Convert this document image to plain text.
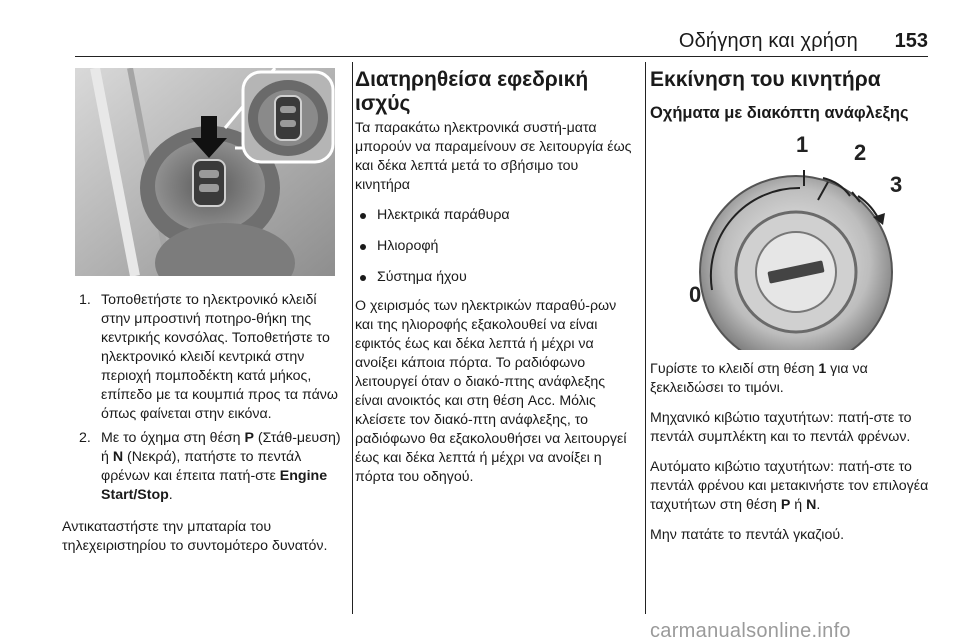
Οδήγηση και χρήση 153
1. Τοποθετήστε το ηλεκτρονικό κλειδί στην μπροστινή ποτηρο-θήκη της κεντρικής κονσόλας. Τοποθετήστε το ηλεκτρονικό κλειδί κεντρικά στην περιοχή ποµποδέκτη κατά μήκος, επίπεδο με τα κουμπιά προς τα πάνω όπως φαίνεται στην εικόνα.
2. Με το όχημα στη θέση P (Στάθ-μευση) ή N (Νεκρά), πατήστε το πεντάλ φρένων και έπειτα πατή-στε Engine Start/Stop.

Αντικαταστήστε την μπαταρία του τηλεχειριστηρίου το συντομότερο δυνατόν.

Διατηρηθείσα εφεδρική ισχύς

Τα παρακάτω ηλεκτρονικά συστή-ματα μπορούν να παραμείνουν σε λειτουργία έως και δέκα λεπτά μετά το σβήσιμο του κινητήρα

Ηλεκτρικά παράθυρα
Ηλιοροφή
Σύστημα ήχου

Ο χειρισμός των ηλεκτρικών παραθύ-ρων και της ηλιοροφής εξακολουθεί να είναι εφικτός έως και δέκα λεπτά ή μέχρι να ανοίξει κάποια πόρτα. Το ραδιόφωνο λειτουργεί όταν ο διακό-πτης ανάφλεξης είναι ανοικτός και στη θέση Acc. Μόλις κλείσετε τον διακό-πτη ανάφλεξης, το ραδιόφωνο θα εξακολουθήσει να λειτουργεί έως και δέκα λεπτά ή μέχρι να ανοίξει η πόρτα του οδηγού.

Εκκίνηση του κινητήρα
Οχήματα με διακόπτη ανάφλεξης
0
1 2
3

Γυρίστε το κλειδί στη θέση 1 για να ξεκλειδώσει το τιμόνι.

Μηχανικό κιβώτιο ταχυτήτων: πατή-στε το πεντάλ συμπλέκτη και το πεντάλ φρένων.

Αυτόματο κιβώτιο ταχυτήτων: πατή-στε το πεντάλ φρένου και μετακινήστε τον επιλογέα ταχυτήτων στη θέση P ή N.

Μην πατάτε το πεντάλ γκαζιού.

carmanualsonline.info
